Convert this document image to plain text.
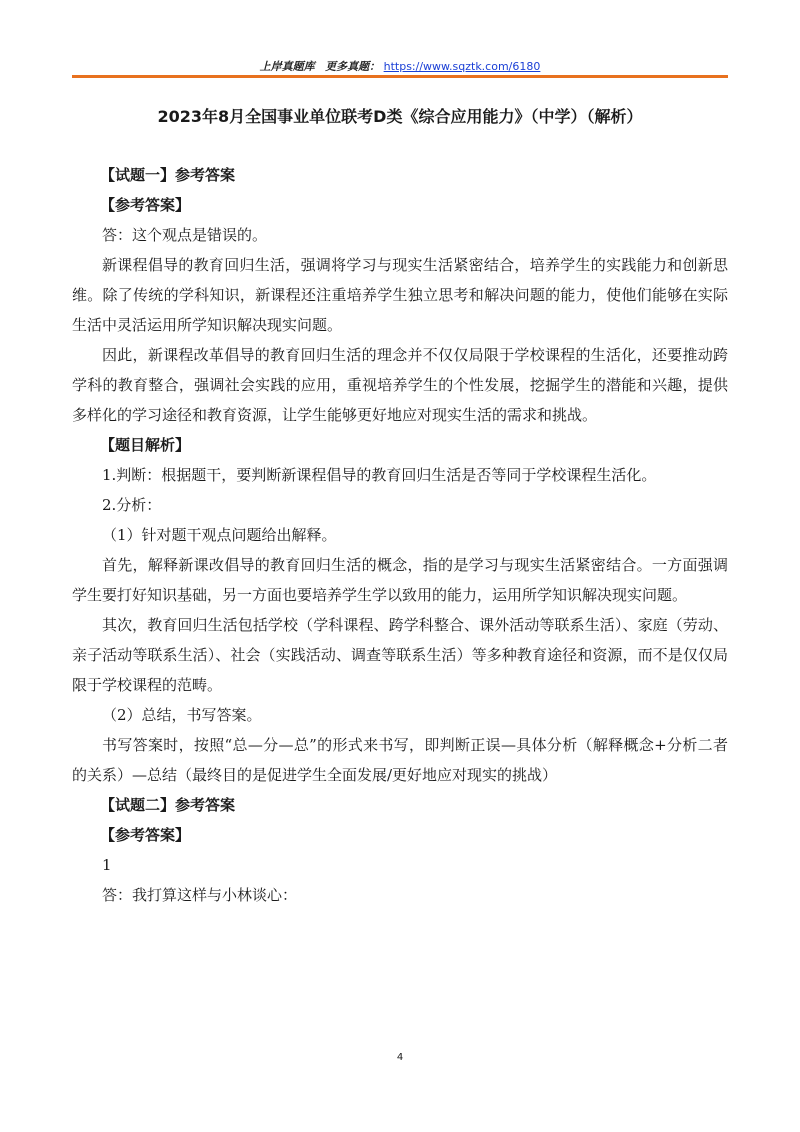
上岸真题库 更多真题： https://www.sqztk.com/6180
2023年8月全国事业单位联考D类《综合应用能力》（中学）（解析）

【试题一】参考答案

【参考答案】

答：这个观点是错误的。

新课程倡导的教育回归生活，强调将学习与现实生活紧密结合，培养学生的实践能力和创新思维。除了传统的学科知识，新课程还注重培养学生独立思考和解决问题的能力，使他们能够在实际生活中灵活运用所学知识解决现实问题。

因此，新课程改革倡导的教育回归生活的理念并不仅仅局限于学校课程的生活化，还要推动跨学科的教育整合，强调社会实践的应用，重视培养学生的个性发展，挖掘学生的潜能和兴趣，提供多样化的学习途径和教育资源，让学生能够更好地应对现实生活的需求和挑战。

【题目解析】

1.判断：根据题干，要判断新课程倡导的教育回归生活是否等同于学校课程生活化。

2.分析：

（1）针对题干观点问题给出解释。

首先，解释新课改倡导的教育回归生活的概念，指的是学习与现实生活紧密结合。一方面强调学生要打好知识基础，另一方面也要培养学生学以致用的能力，运用所学知识解决现实问题。

其次，教育回归生活包括学校（学科课程、跨学科整合、课外活动等联系生活）、家庭（劳动、亲子活动等联系生活）、社会（实践活动、调查等联系生活）等多种教育途径和资源，而不是仅仅局限于学校课程的范畴。

（2）总结，书写答案。

书写答案时，按照“总—分—总”的形式来书写，即判断正误—具体分析（解释概念+分析二者的关系）—总结（最终目的是促进学生全面发展/更好地应对现实的挑战）

【试题二】参考答案

【参考答案】

1

答：我打算这样与小林谈心：

4
